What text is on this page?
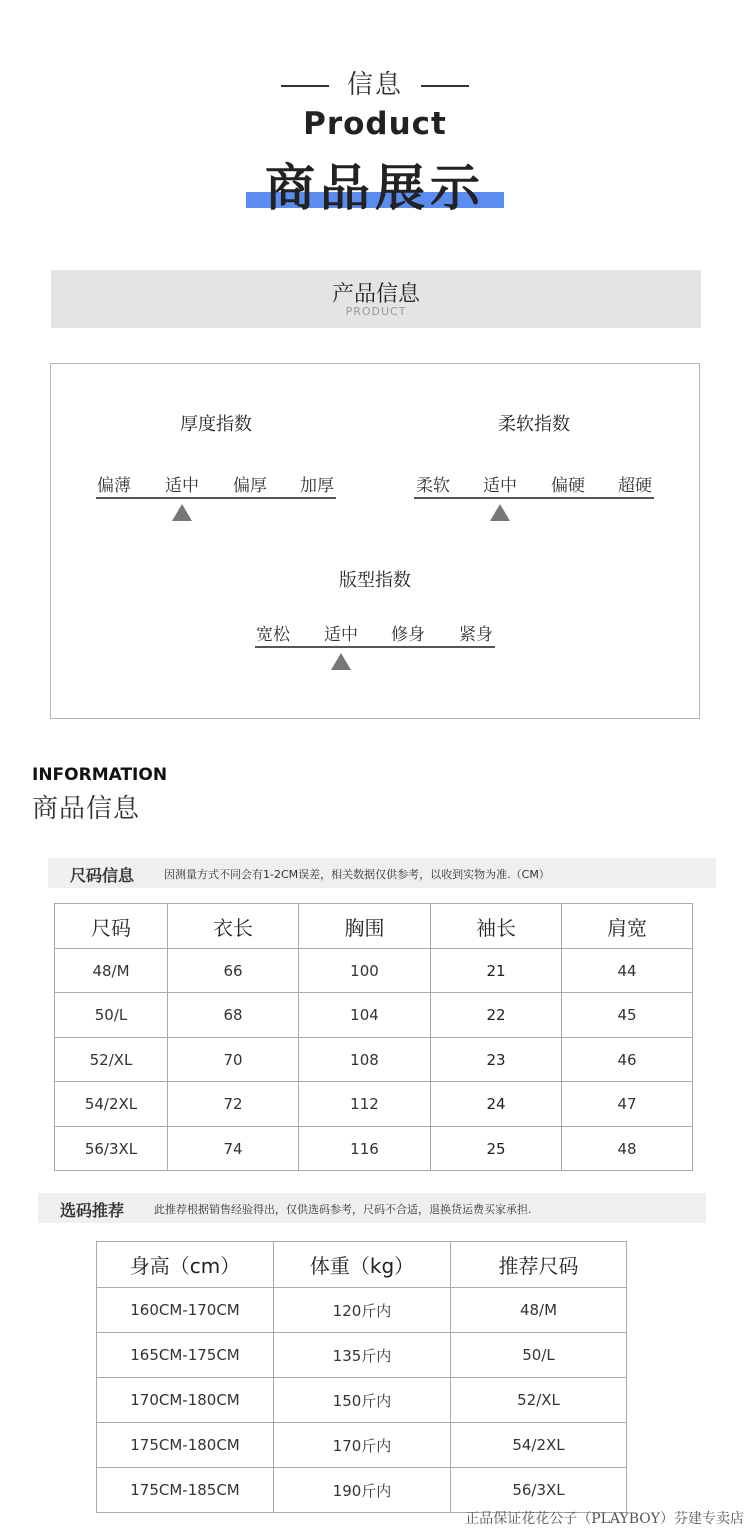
信息
Product
商品展示
产品信息
PRODUCT
厚度指数
偏薄	适中	偏厚	加厚
柔软指数
柔软	适中	偏硬	超硬
版型指数
宽松	适中	修身	紧身
INFORMATION
商品信息
尺码信息	因测量方式不同会有1-2CM误差，相关数据仅供参考，以收到实物为准.（CM）
尺码	衣长	胸围	袖长	肩宽
48/M	66	100	21	44
50/L	68	104	22	45
52/XL	70	108	23	46
54/2XL	72	112	24	47
56/3XL	74	116	25	48
选码推荐	此推荐根据销售经验得出，仅供选码参考，尺码不合适，退换货运费买家承担.
身高（cm）	体重（kg）	推荐尺码
160CM-170CM	120斤内	48/M
165CM-175CM	135斤内	50/L
170CM-180CM	150斤内	52/XL
175CM-180CM	170斤内	54/2XL
175CM-185CM	190斤内	56/3XL
正品保证花花公子（PLAYBOY）芬建专卖店
